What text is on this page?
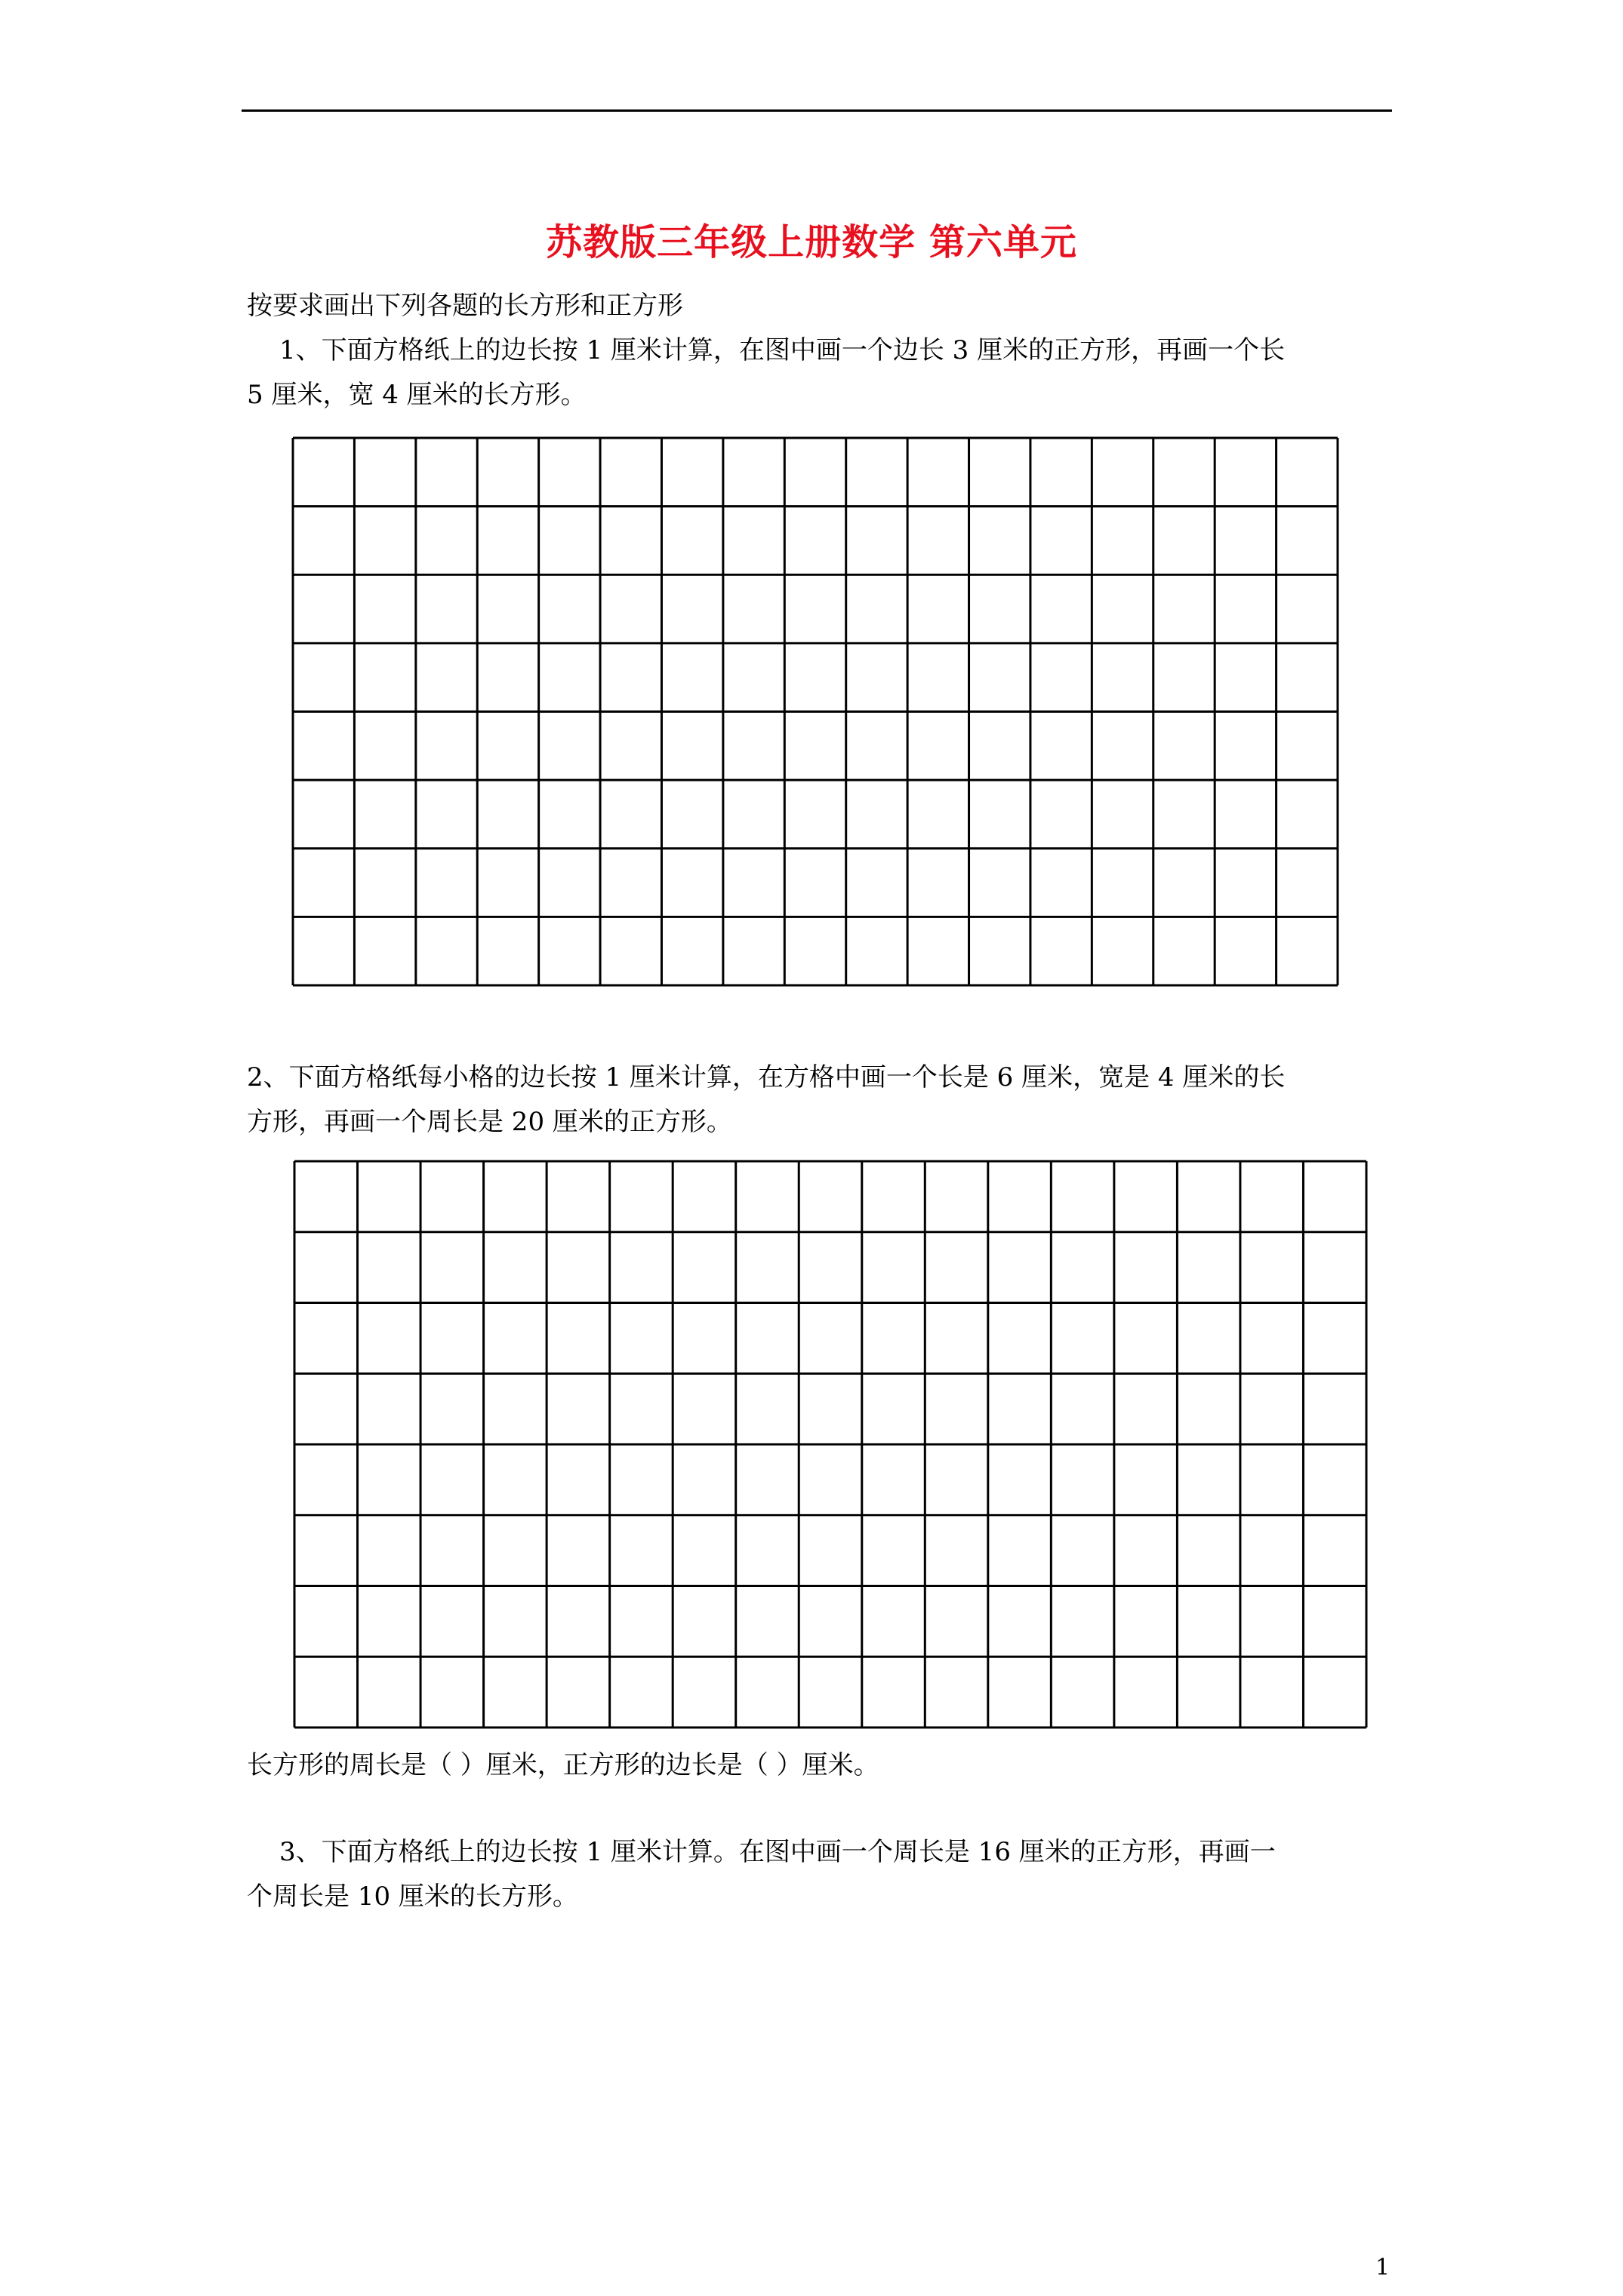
苏教版三年级上册数学 第六单元
按要求画出下列各题的长方形和正方形
1、下面方格纸上的边长按 1 厘米计算，在图中画一个边长 3 厘米的正方形，再画一个长
5 厘米，宽 4 厘米的长方形。
2、下面方格纸每小格的边长按 1 厘米计算，在方格中画一个长是 6 厘米，宽是 4 厘米的长
方形，再画一个周长是 20 厘米的正方形。
长方形的周长是（ ）厘米，正方形的边长是（ ）厘米。
3、下面方格纸上的边长按 1 厘米计算。在图中画一个周长是 16 厘米的正方形，再画一
个周长是 10 厘米的长方形。
1
